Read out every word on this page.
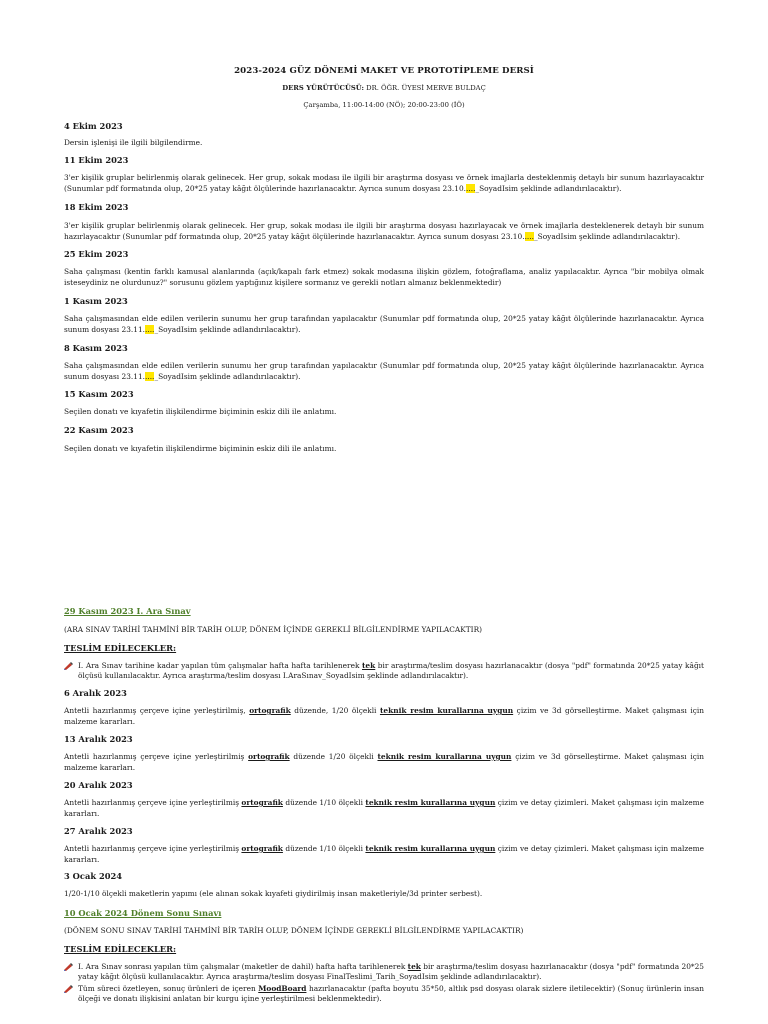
2023-2024 GÜZ DÖNEMİ MAKET VE PROTOTİPLEME DERSİ
DERS YÜRÜTÜCÜSÜ: DR. ÖĞR. ÜYESİ MERVE BULDAÇ
Çarşamba, 11:00-14:00 (NÖ); 20:00-23:00 (İÖ)
4 Ekim 2023
Dersin işlenişi ile ilgili bilgilendirme.
11 Ekim 2023
3'er kişilik gruplar belirlenmiş olarak gelinecek. Her grup, sokak modası ile ilgili bir araştırma dosyası ve örnek imajlarla desteklenmiş detaylı bir sunum hazırlayacaktır (Sunumlar pdf formatında olup, 20*25 yatay kâğıt ölçülerinde hazırlanacaktır. Ayrıca sunum dosyası 23.10....._SoyadIsim şeklinde adlandırılacaktır).
18 Ekim 2023
3'er kişilik gruplar belirlenmiş olarak gelinecek. Her grup, sokak modası ile ilgili bir araştırma dosyası hazırlayacak ve örnek imajlarla desteklenerek detaylı bir sunum hazırlayacaktır (Sunumlar pdf formatında olup, 20*25 yatay kâğıt ölçülerinde hazırlanacaktır. Ayrıca sunum dosyası 23.10....._SoyadIsim şeklinde adlandırılacaktır).
25 Ekim 2023
Saha çalışması (kentin farklı kamusal alanlarında (açık/kapalı fark etmez) sokak modasına ilişkin gözlem, fotoğraflama, analiz yapılacaktır. Ayrıca "bir mobilya olmak isteseydiniz ne olurdunuz?" sorusunu gözlem yaptığınız kişilere sormanız ve gerekli notları almanız beklenmektedir)
1 Kasım 2023
Saha çalışmasından elde edilen verilerin sunumu her grup tarafından yapılacaktır (Sunumlar pdf formatında olup, 20*25 yatay kâğıt ölçülerinde hazırlanacaktır. Ayrıca sunum dosyası 23.11....._SoyadIsim şeklinde adlandırılacaktır).
8 Kasım 2023
Saha çalışmasından elde edilen verilerin sunumu her grup tarafından yapılacaktır (Sunumlar pdf formatında olup, 20*25 yatay kâğıt ölçülerinde hazırlanacaktır. Ayrıca sunum dosyası 23.11....._SoyadIsim şeklinde adlandırılacaktır).
15 Kasım 2023
Seçilen donatı ve kıyafetin ilişkilendirme biçiminin eskiz dili ile anlatımı.
22 Kasım 2023
Seçilen donatı ve kıyafetin ilişkilendirme biçiminin eskiz dili ile anlatımı.
29 Kasım 2023 I. Ara Sınav
(ARA SINAV TARİHİ TAHMİNİ BİR TARİH OLUP, DÖNEM İÇİNDE GEREKLİ BİLGİLENDİRME YAPILACAKTIR)
TESLİM EDİLECEKLER:
I. Ara Sınav tarihine kadar yapılan tüm çalışmalar hafta hafta tarihlenerek tek bir araştırma/teslim dosyası hazırlanacaktır (dosya "pdf" formatında 20*25 yatay kâğıt ölçüsü kullanılacaktır. Ayrıca araştırma/teslim dosyası I.AraSınav_SoyadIsim şeklinde adlandırılacaktır).
6 Aralık 2023
Antetli hazırlanmış çerçeve içine yerleştirilmiş, ortografik düzende, 1/20 ölçekli teknik resim kurallarına uygun çizim ve 3d görselleştirme. Maket çalışması için malzeme kararları.
13 Aralık 2023
Antetli hazırlanmış çerçeve içine yerleştirilmiş ortografik düzende 1/20 ölçekli teknik resim kurallarına uygun çizim ve 3d görselleştirme. Maket çalışması için malzeme kararları.
20 Aralık 2023
Antetli hazırlanmış çerçeve içine yerleştirilmiş ortografik düzende 1/10 ölçekli teknik resim kurallarına uygun çizim ve detay çizimleri. Maket çalışması için malzeme kararları.
27 Aralık 2023
Antetli hazırlanmış çerçeve içine yerleştirilmiş ortografik düzende 1/10 ölçekli teknik resim kurallarına uygun çizim ve detay çizimleri. Maket çalışması için malzeme kararları.
3 Ocak 2024
1/20-1/10 ölçekli maketlerin yapımı (ele alınan sokak kıyafeti giydirilmiş insan maketleriyle/3d printer serbest).
10 Ocak 2024 Dönem Sonu Sınavı
(DÖNEM SONU SINAV TARİHİ TAHMİNİ BİR TARİH OLUP, DÖNEM İÇİNDE GEREKLİ BİLGİLENDİRME YAPILACAKTIR)
TESLİM EDİLECEKLER:
I. Ara Sınav sonrası yapılan tüm çalışmalar (maketler de dahil) hafta hafta tarihlenerek tek bir araştırma/teslim dosyası hazırlanacaktır (dosya "pdf" formatında 20*25 yatay kâğıt ölçüsü kullanılacaktır. Ayrıca araştırma/teslim dosyası FinalTeslimi_Tarih_SoyadIsim şeklinde adlandırılacaktır).
Tüm süreci özetleyen, sonuç ürünleri de içeren MoodBoard hazırlanacaktır (pafta boyutu 35*50, altlık psd dosyası olarak sizlere iletilecektir) (Sonuç ürünlerin insan ölçeği ve donatı ilişkisini anlatan bir kurgu içine yerleştirilmesi beklenmektedir).
